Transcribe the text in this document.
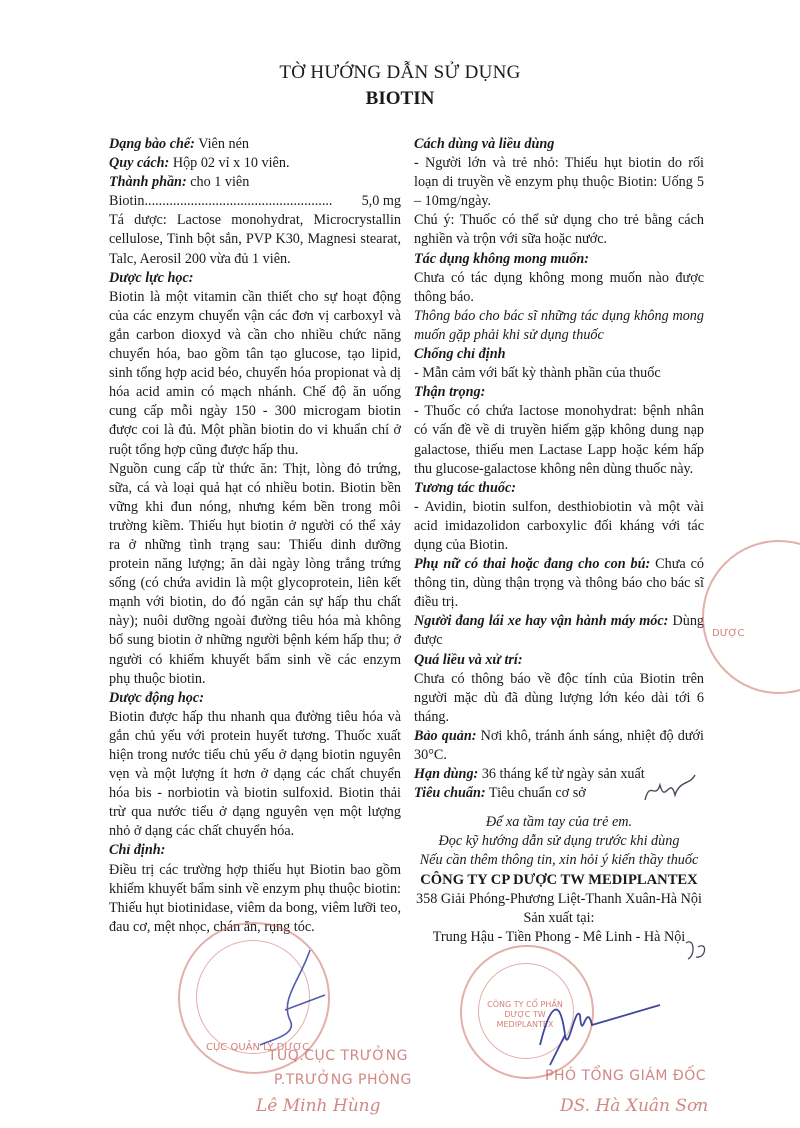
TỜ HƯỚNG DẪN SỬ DỤNG
BIOTIN

Dạng bào chế: Viên nén

Quy cách: Hộp 02 vỉ x 10 viên.

Thành phần: cho 1 viên

Biotin .....................................................	5,0 mg

Tá dược: Lactose monohydrat, Microcrystallin cellulose, Tinh bột sắn, PVP K30, Magnesi stearat, Talc, Aerosil 200 vừa đủ 1 viên.

Dược lực học:

Biotin là một vitamin cần thiết cho sự hoạt động của các enzym chuyển vận các đơn vị carboxyl và gắn carbon dioxyd và cần cho nhiều chức năng chuyển hóa, bao gồm tân tạo glucose, tạo lipid, sinh tổng hợp acid béo, chuyển hóa propionat và dị hóa acid amin có mạch nhánh. Chế độ ăn uống cung cấp mỗi ngày 150 - 300 microgam biotin được coi là đủ. Một phần biotin do vi khuẩn chí ở ruột tổng hợp cũng được hấp thu.

Nguồn cung cấp từ thức ăn: Thịt, lòng đỏ trứng, sữa, cá và loại quả hạt có nhiều botin. Biotin bền vững khi đun nóng, nhưng kém bền trong môi trường kiềm. Thiếu hụt biotin ở người có thể xảy ra ở những tình trạng sau: Thiếu dinh dưỡng protein năng lượng; ăn dài ngày lòng trắng trứng sống (có chứa avidin là một glycoprotein, liên kết mạnh với biotin, do đó ngăn cản sự hấp thu chất này); nuôi dưỡng ngoài đường tiêu hóa mà không bổ sung biotin ở những người bệnh kém hấp thu; ở người có khiếm khuyết bẩm sinh về các enzym phụ thuộc biotin.

Dược động học:

Biotin được hấp thu nhanh qua đường tiêu hóa và gắn chủ yếu với protein huyết tương. Thuốc xuất hiện trong nước tiểu chủ yếu ở dạng biotin nguyên vẹn và một lượng ít hơn ở dạng các chất chuyển hóa bis - norbiotin và biotin sulfoxid. Biotin thải trừ qua nước tiểu ở dạng nguyên vẹn một lượng nhỏ ở dạng các chất chuyển hóa.

Chỉ định:

Điều trị các trường hợp thiếu hụt Biotin bao gồm khiếm khuyết bẩm sinh về enzym phụ thuộc biotin: Thiếu hụt biotinidase, viêm da bong, viêm lưỡi teo, đau cơ, mệt nhọc, chán ăn, rụng tóc.

Cách dùng và liều dùng

- Người lớn và trẻ nhỏ: Thiếu hụt biotin do rối loạn di truyền về enzym phụ thuộc Biotin: Uống 5 – 10mg/ngày.

Chú ý: Thuốc có thể sử dụng cho trẻ bằng cách nghiền và trộn với sữa hoặc nước.

Tác dụng không mong muốn:

Chưa có tác dụng không mong muốn nào được thông báo.

Thông báo cho bác sĩ những tác dụng không mong muốn gặp phải khi sử dụng thuốc

Chống chỉ định

- Mẫn cảm với bất kỳ thành phần của thuốc

Thận trọng:

- Thuốc có chứa lactose monohydrat: bệnh nhân có vấn đề về di truyền hiếm gặp không dung nạp galactose, thiếu men Lactase Lapp hoặc kém hấp thu glucose-galactose không nên dùng thuốc này.

Tương tác thuốc:

- Avidin, biotin sulfon, desthiobiotin và một vài acid imidazolidon carboxylic đối kháng với tác dụng của Biotin.

Phụ nữ có thai hoặc đang cho con bú: Chưa có thông tin, dùng thận trọng và thông báo cho bác sĩ điều trị.

Người đang lái xe hay vận hành máy móc: Dùng được

Quá liều và xử trí:

Chưa có thông báo về độc tính của Biotin trên người mặc dù đã dùng lượng lớn kéo dài tới 6 tháng.

Bảo quản: Nơi khô, tránh ánh sáng, nhiệt độ dưới 30°C.

Hạn dùng: 36 tháng kể từ ngày sản xuất

Tiêu chuẩn: Tiêu chuẩn cơ sở

Để xa tầm tay của trẻ em.

Đọc kỹ hướng dẫn sử dụng trước khi dùng

Nếu cần thêm thông tin, xin hỏi ý kiến thầy thuốc

CÔNG TY CP DƯỢC TW MEDIPLANTEX

358 Giải Phóng-Phương Liệt-Thanh Xuân-Hà Nội

Sản xuất tại:

Trung Hậu - Tiền Phong - Mê Linh - Hà Nội

CỤC QUẢN LÝ DƯỢC
CÔNG TY CỔ PHẦN DƯỢC TW MEDIPLANTEX
DƯỢC
TUQ.CỤC TRƯỞNG
P.TRƯỞNG PHÒNG
Lê Minh Hùng
PHÓ TỔNG GIÁM ĐỐC
DS. Hà Xuân Sơn
